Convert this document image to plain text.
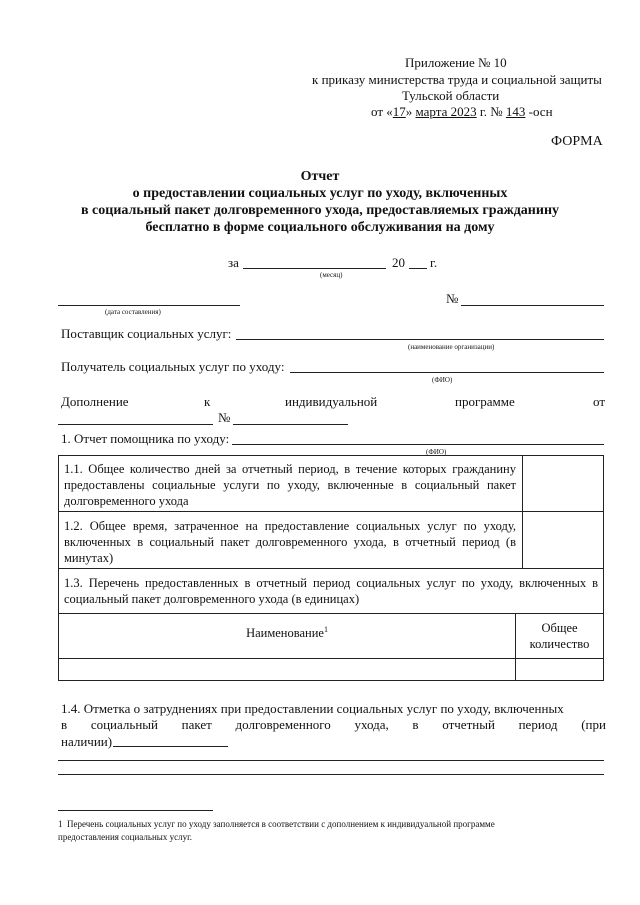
Приложение № 10
к приказу министерства труда и социальной защиты
Тульской области
от «17» марта 2023 г. № 143 -осн
ФОРМА
Отчет
о предоставлении социальных услуг по уходу, включенных
в социальный пакет долговременного ухода, предоставляемых гражданину
бесплатно в форме социального обслуживания на дому
за
(месяц)
20 г.
(дата составления)
№
Поставщик социальных услуг:
(наименование организации)
Получатель социальных услуг по уходу:
(ФИО)
Дополнение	к	индивидуальной	программе	от
№
1. Отчет помощника по уходу:
(ФИО)
1.1. Общее количество дней за отчетный период, в течение которых гражданину предоставлены социальные услуги по уходу, включенные в социальный пакет долговременного ухода
1.2. Общее время, затраченное на предоставление социальных услуг по уходу, включенных в социальный пакет долговременного ухода, в отчетный период (в минутах)
1.3. Перечень предоставленных в отчетный период социальных услуг по уходу, включенных в социальный пакет долговременного ухода (в единицах)
Наименование$^1$	Общее
количество
1.4. Отметка о затруднениях при предоставлении социальных услуг по уходу, включенных
в социальный пакет долговременного ухода, в отчетный период (при
наличии)
1 Перечень социальных услуг по уходу заполняется в соответствии с дополнением к индивидуальной программе
предоставления социальных услуг.
